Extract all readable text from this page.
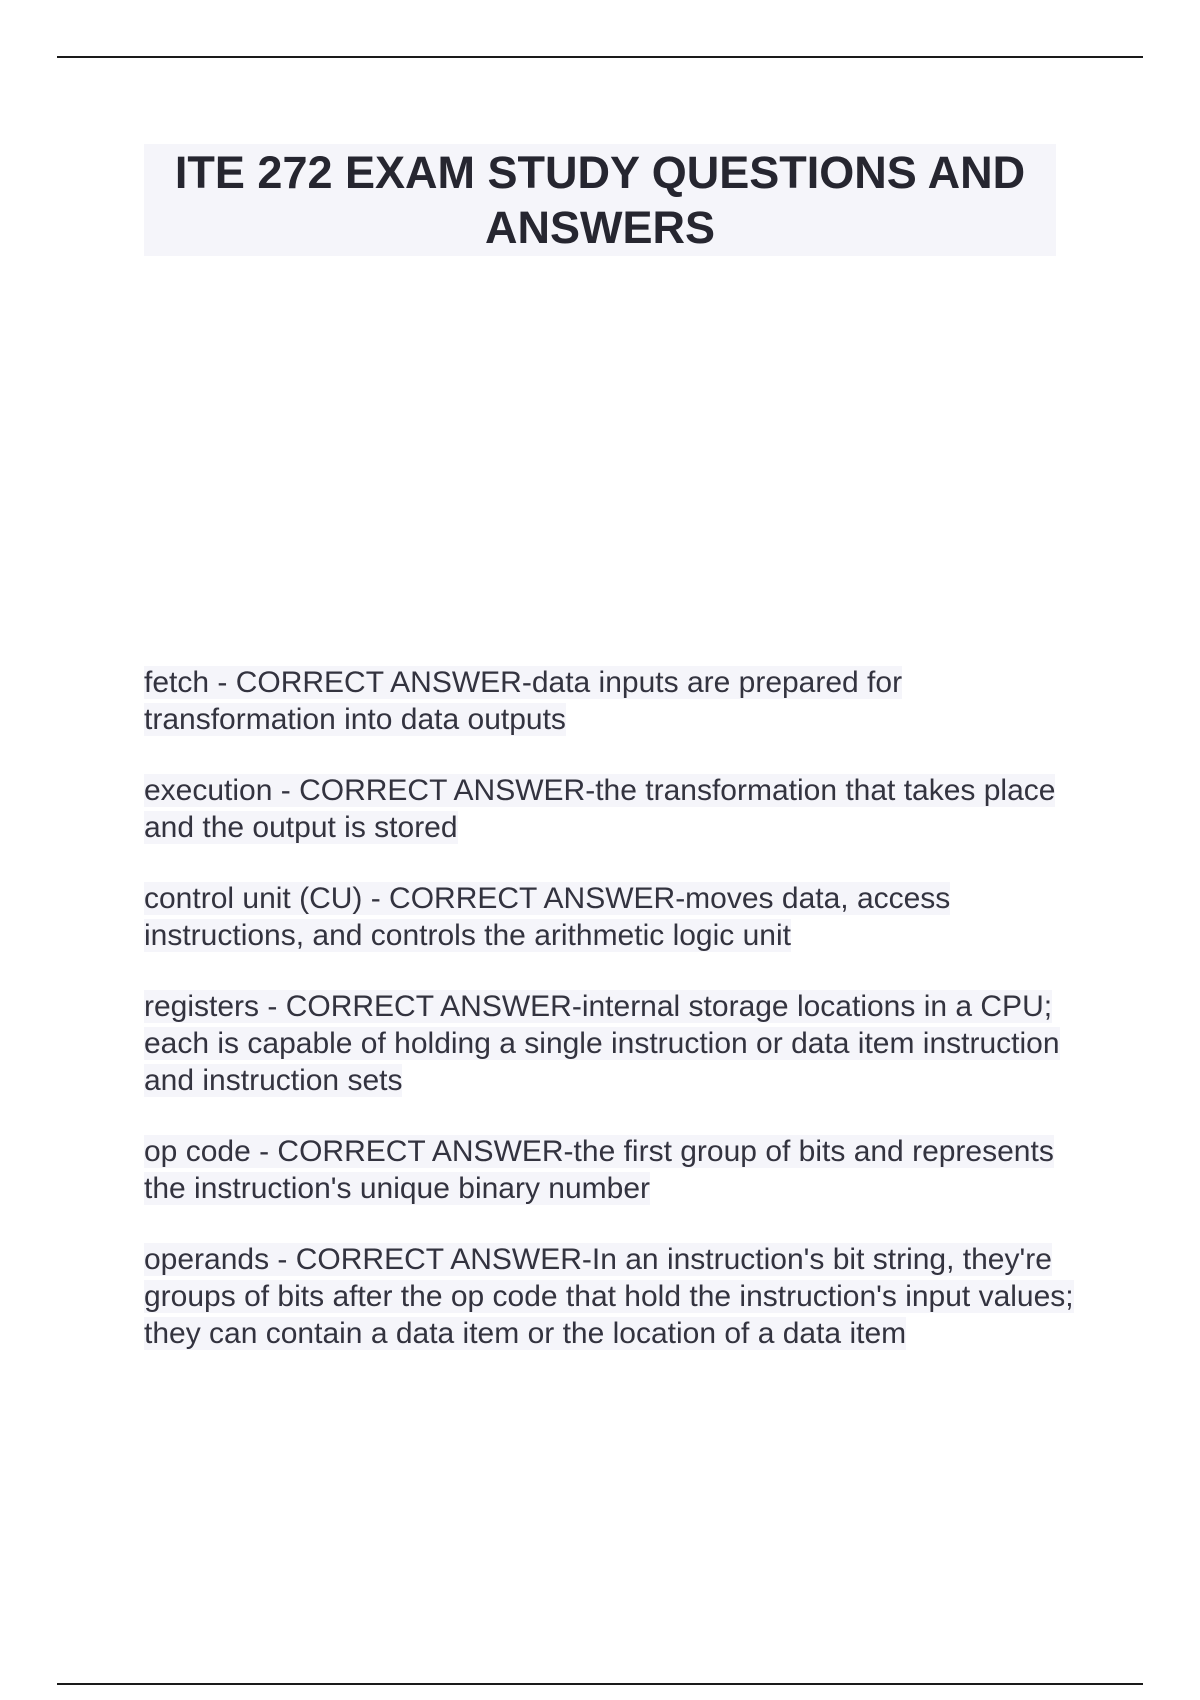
ITE 272 EXAM STUDY QUESTIONS AND ANSWERS

fetch - CORRECT ANSWER-data inputs are prepared for transformation into data outputs

execution - CORRECT ANSWER-the transformation that takes place and the output is stored

control unit (CU) - CORRECT ANSWER-moves data, access instructions, and controls the arithmetic logic unit

registers - CORRECT ANSWER-internal storage locations in a CPU; each is capable of holding a single instruction or data item instruction and instruction sets

op code - CORRECT ANSWER-the first group of bits and represents the instruction's unique binary number

operands - CORRECT ANSWER-In an instruction's bit string, they're groups of bits after the op code that hold the instruction's input values; they can contain a data item or the location of a data item
